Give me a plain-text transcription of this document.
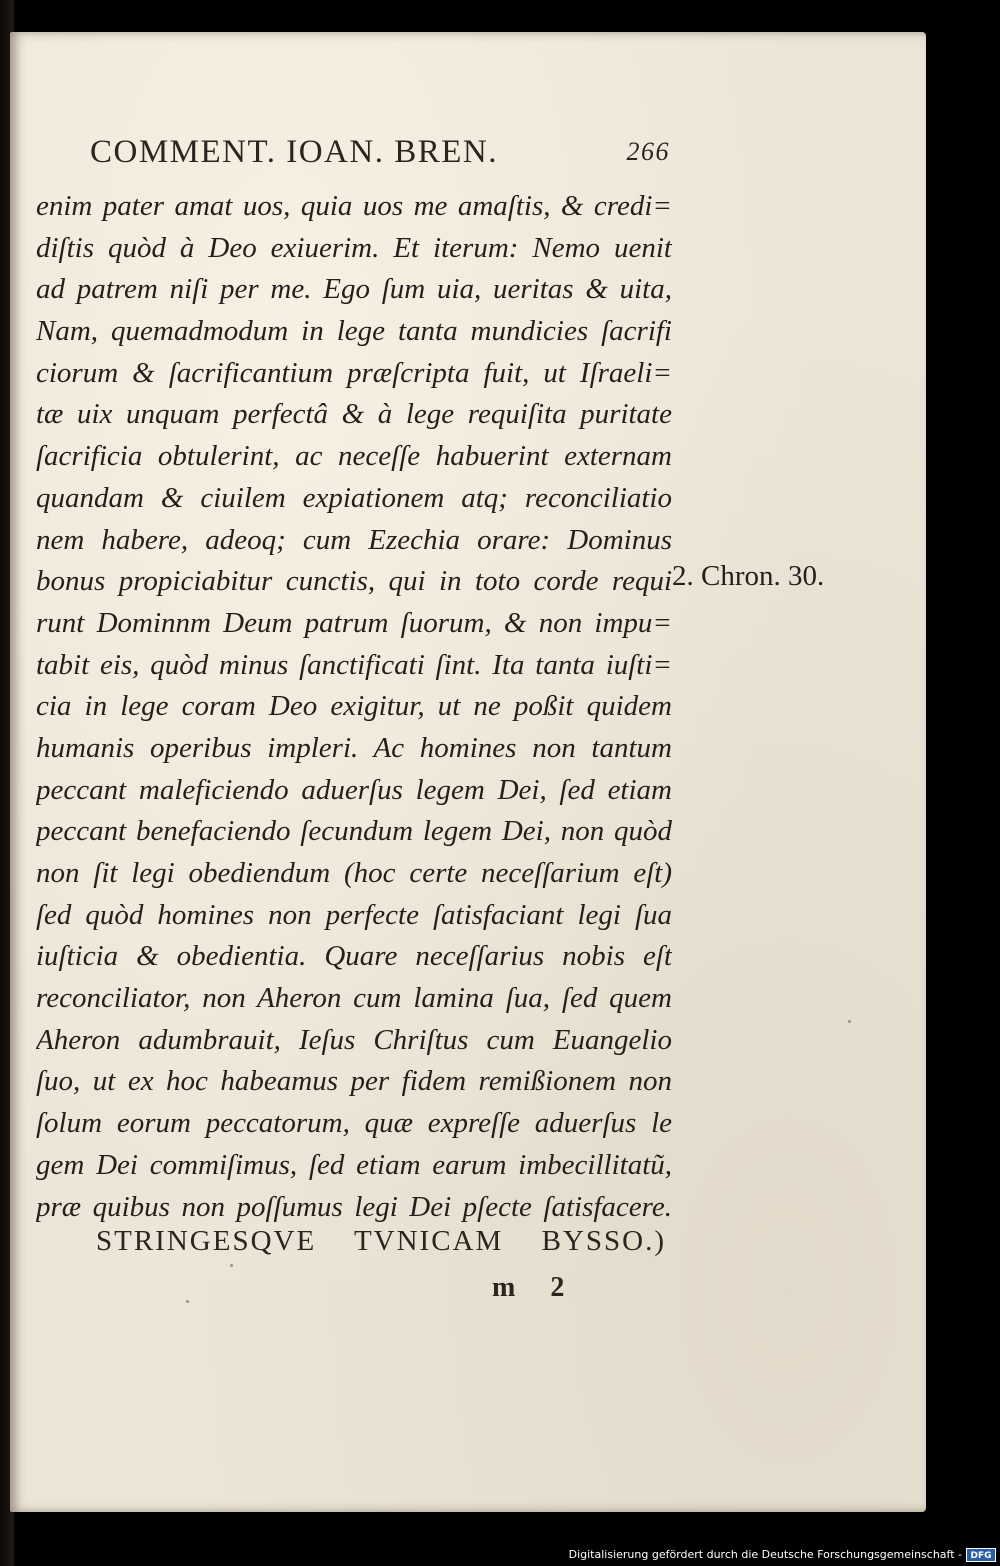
COMMENT. IOAN. BREN.	266
enim pater amat uos, quia uos me amaſtis, & credi=
diſtis quòd à Deo exiuerim. Et iterum: Nemo uenit
ad patrem niſi per me. Ego ſum uia, ueritas & uita,
Nam, quemadmodum in lege tanta mundicies ſacrifi
ciorum & ſacrificantium præſcripta fuit, ut Iſraeli=
tæ uix unquam perfectâ & à lege requiſita puritate
ſacrificia obtulerint, ac neceſſe habuerint externam
quandam & ciuilem expiationem atq; reconciliatio
nem habere, adeoq; cum Ezechia orare: Dominus
bonus propiciabitur cunctis, qui in toto corde requi
runt Dominnm Deum patrum ſuorum, & non impu=
tabit eis, quòd minus ſanctificati ſint. Ita tanta iuſti=
cia in lege coram Deo exigitur, ut ne poßit quidem
humanis operibus impleri. Ac homines non tantum
peccant maleficiendo aduerſus legem Dei, ſed etiam
peccant benefaciendo ſecundum legem Dei, non quòd
non ſit legi obediendum (hoc certe neceſſarium eſt)
ſed quòd homines non perfecte ſatisfaciant legi ſua
iuſticia & obedientia. Quare neceſſarius nobis eſt
reconciliator, non Aheron cum lamina ſua, ſed quem
Aheron adumbrauit, Ieſus Chriſtus cum Euangelio
ſuo, ut ex hoc habeamus per fidem remißionem non
ſolum eorum peccatorum, quæ expreſſe aduerſus le
gem Dei commiſimus, ſed etiam earum imbecillitatũ,
præ quibus non poſſumus legi Dei pſecte ſatisfacere.
2. Chron. 30.
STRINGESQVE TVNICAM BYSSO.)
m 2
Digitalisierung gefördert durch die Deutsche Forschungsgemeinschaft - DFG
